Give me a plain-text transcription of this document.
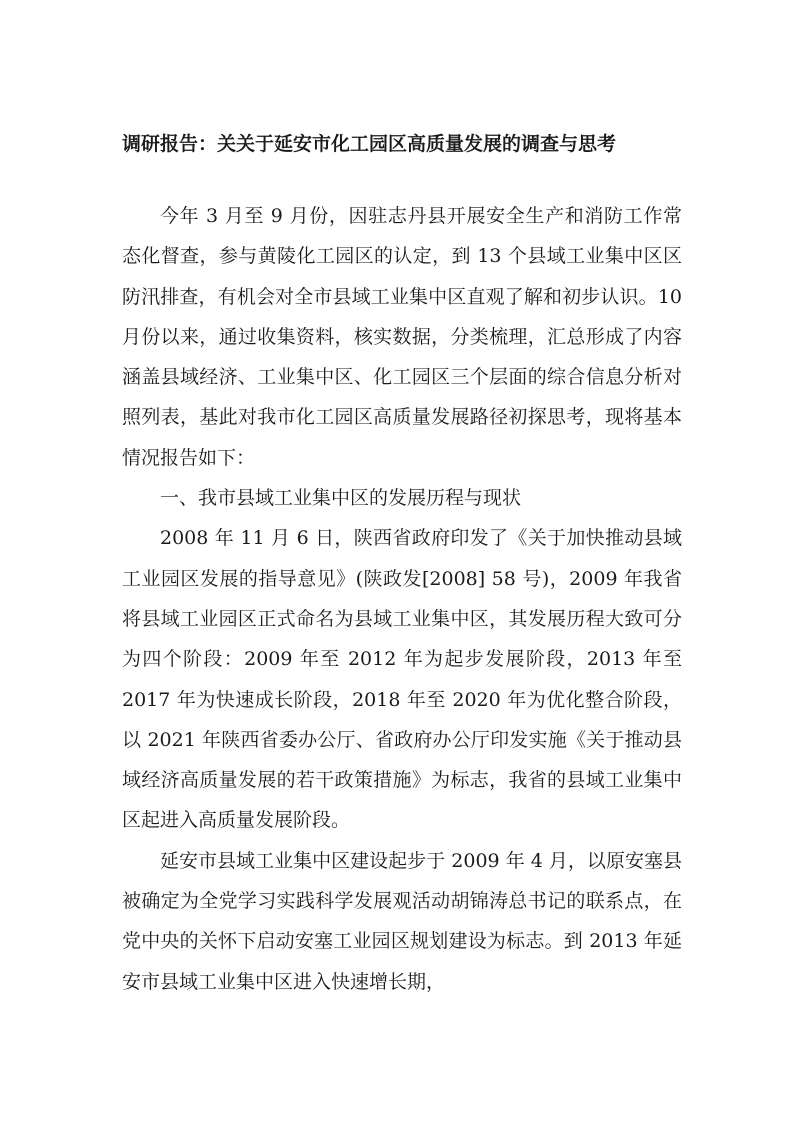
调研报告：关关于延安市化工园区高质量发展的调查与思考

今年 3 月至 9 月份，因驻志丹县开展安全生产和消防工作常态化督查，参与黄陵化工园区的认定，到 13 个县域工业集中区区防汛排查，有机会对全市县域工业集中区直观了解和初步认识。10 月份以来，通过收集资料，核实数据，分类梳理，汇总形成了内容涵盖县域经济、工业集中区、化工园区三个层面的综合信息分析对照列表，基此对我市化工园区高质量发展路径初探思考，现将基本情况报告如下：

一、我市县域工业集中区的发展历程与现状

2008 年 11 月 6 日，陕西省政府印发了《关于加快推动县域工业园区发展的指导意见》(陕政发[2008] 58 号)，2009 年我省将县域工业园区正式命名为县域工业集中区，其发展历程大致可分为四个阶段：2009 年至 2012 年为起步发展阶段，2013 年至 2017 年为快速成长阶段，2018 年至 2020 年为优化整合阶段，以 2021 年陕西省委办公厅、省政府办公厅印发实施《关于推动县域经济高质量发展的若干政策措施》为标志，我省的县域工业集中区起进入高质量发展阶段。

延安市县域工业集中区建设起步于 2009 年 4 月，以原安塞县被确定为全党学习实践科学发展观活动胡锦涛总书记的联系点，在党中央的关怀下启动安塞工业园区规划建设为标志。到 2013 年延安市县域工业集中区进入快速增长期，
